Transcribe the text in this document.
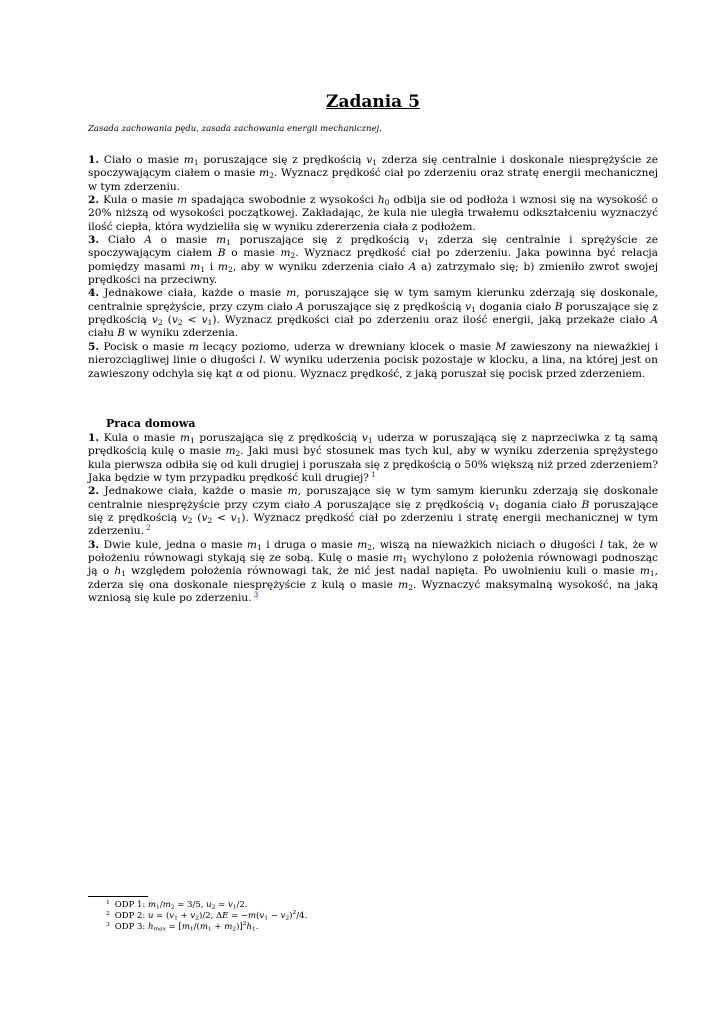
Zadania 5

Zasada zachowania pędu, zasada zachowania energii mechanicznej.

1. Ciało o masie $m_1$ poruszające się z prędkością $v_1$ zderza się centralnie i doskonale niesprężyście ze spoczywającym ciałem o masie $m_2$. Wyznacz prędkość ciał po zderzeniu oraz stratę energii mechanicznej w tym zderzeniu.

2. Kula o masie m spadająca swobodnie z wysokości $h_0$ odbija sie od podłoża i wznosi się na wysokość o 20% niższą od wysokości początkowej. Zakładając, że kula nie uległa trwałemu odkształceniu wyznaczyć ilość ciepła, która wydzieliła się w wyniku zdererzenia ciała z podłożem.

3. Ciało A o masie $m_1$ poruszające się z prędkością $v_1$ zderza się centralnie i sprężyście ze spoczywającym ciałem B o masie $m_2$. Wyznacz prędkość ciał po zderzeniu. Jaka powinna być relacja pomiędzy masami $m_1$ i $m_2$, aby w wyniku zderzenia ciało A a) zatrzymało się; b) zmieniło zwrot swojej prędkości na przeciwny.

4. Jednakowe ciała, każde o masie m, poruszające się w tym samym kierunku zderzają się doskonale, centralnie sprężyście, przy czym ciało A poruszające się z prędkością $v_1$ dogania ciało B poruszające się z prędkością $v_2$ $(v_2 < v_1)$. Wyznacz prędkości ciał po zderzeniu oraz ilość energii, jaką przekaże ciało A ciału B w wyniku zderzenia.

5. Pocisk o masie m lecący poziomo, uderza w drewniany klocek o masie M zawieszony na nieważkiej i nierozciągliwej linie o długości l. W wyniku uderzenia pocisk pozostaje w klocku, a lina, na której jest on zawieszony odchyla się kąt α od pionu. Wyznacz prędkość, z jaką poruszał się pocisk przed zderzeniem.

Praca domowa

1. Kula o masie $m_1$ poruszająca się z prędkością $v_1$ uderza w poruszającą się z naprzeciwka z tą samą prędkością kulę o masie $m_2$. Jaki musi być stosunek mas tych kul, aby w wyniku zderzenia sprężystego kula pierwsza odbiła się od kuli drugiej i poruszała się z prędkością o 50% większą niż przed zderzeniem? Jaka będzie w tym przypadku prędkość kuli drugiej? $^1$

2. Jednakowe ciała, każde o masie m, poruszające się w tym samym kierunku zderzają się doskonale centralnie niesprężyście przy czym ciało A poruszające się z prędkością $v_1$ dogania ciało B poruszające się z prędkością $v_2$ $(v_2 < v_1)$. Wyznacz prędkość ciał po zderzeniu i stratę energii mechanicznej w tym zderzeniu. $^2$

3. Dwie kule, jedna o masie $m_1$ i druga o masie $m_2$, wiszą na nieważkich niciach o długości l tak, że w położeniu równowagi stykają się ze sobą. Kulę o masie $m_1$ wychylono z położenia równowagi podnosząc ją o $h_1$ względem położenia równowagi tak, że nić jest nadal napięta. Po uwolnieniu kuli o masie $m_1$, zderza się ona doskonale niesprężyście z kulą o masie $m_2$. Wyznaczyć maksymalną wysokość, na jaką wzniosą się kule po zderzeniu. $^3$

$^1$ ODP 1: $m_1/m_2 = 3/5$, $u_2 = v_1/2$.
$^2$ ODP 2: $u = (v_1 + v_2)/2$, $\Delta E = -m(v_1 - v_2)^2/4$.
$^3$ ODP 3: $h_{max} = [m_1/(m_1 + m_2)]^2h_1$.
